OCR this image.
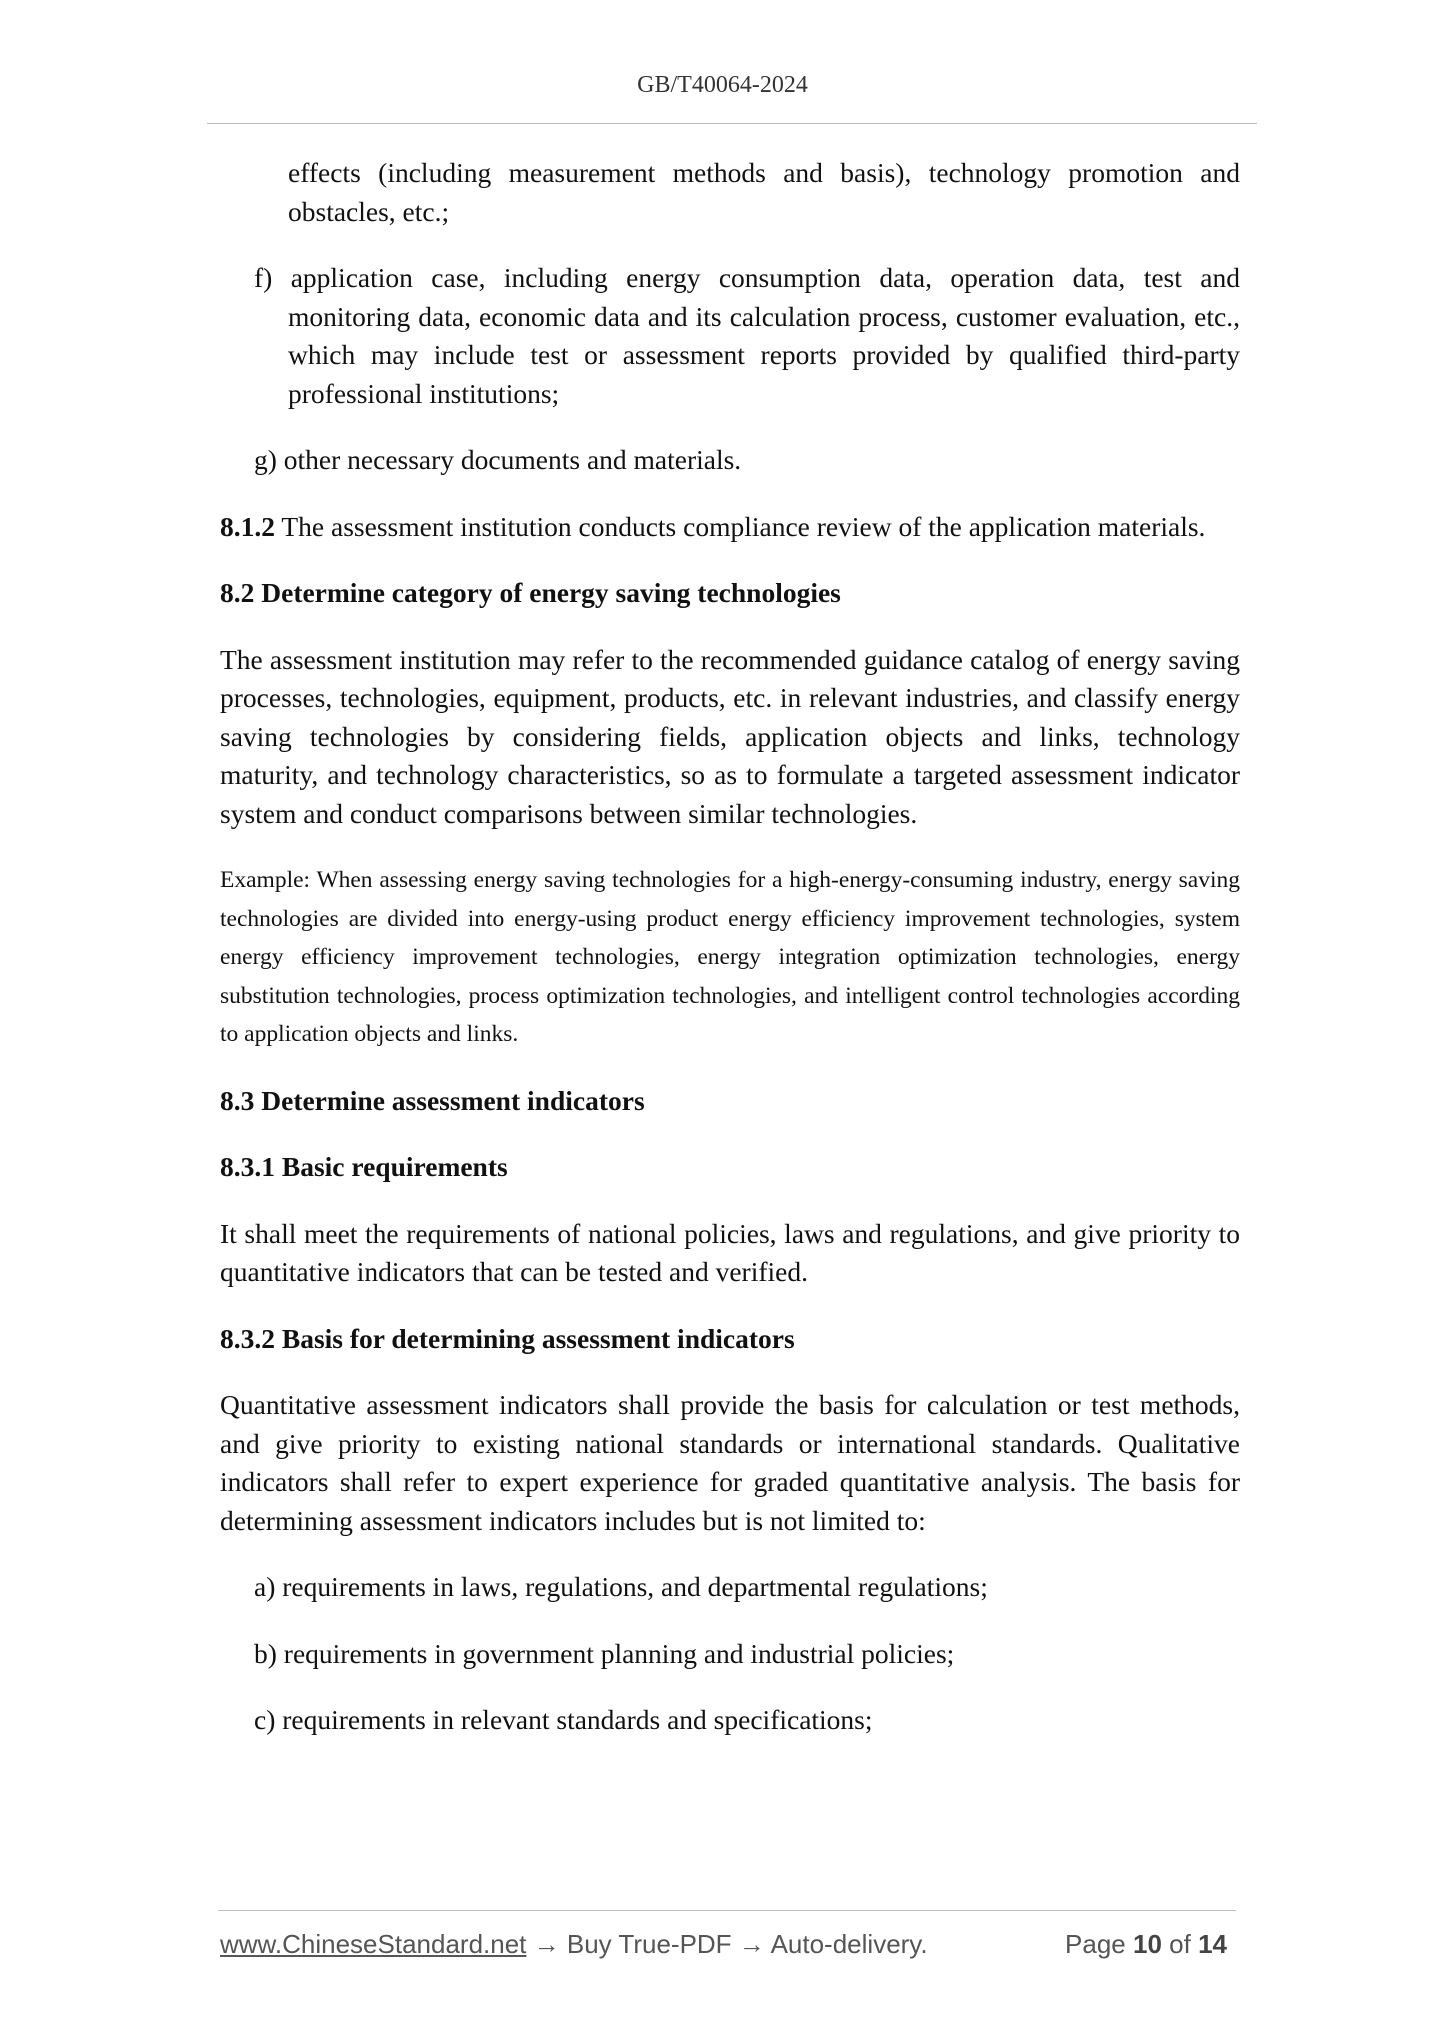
GB/T40064-2024

effects (including measurement methods and basis), technology promotion and obstacles, etc.;

f) application case, including energy consumption data, operation data, test and monitoring data, economic data and its calculation process, customer evaluation, etc., which may include test or assessment reports provided by qualified third-party professional institutions;

g) other necessary documents and materials.

8.1.2 The assessment institution conducts compliance review of the application materials.

8.2 Determine category of energy saving technologies

The assessment institution may refer to the recommended guidance catalog of energy saving processes, technologies, equipment, products, etc. in relevant industries, and classify energy saving technologies by considering fields, application objects and links, technology maturity, and technology characteristics, so as to formulate a targeted assessment indicator system and conduct comparisons between similar technologies.

Example: When assessing energy saving technologies for a high-energy-consuming industry, energy saving technologies are divided into energy-using product energy efficiency improvement technologies, system energy efficiency improvement technologies, energy integration optimization technologies, energy substitution technologies, process optimization technologies, and intelligent control technologies according to application objects and links.

8.3 Determine assessment indicators

8.3.1 Basic requirements

It shall meet the requirements of national policies, laws and regulations, and give priority to quantitative indicators that can be tested and verified.

8.3.2 Basis for determining assessment indicators

Quantitative assessment indicators shall provide the basis for calculation or test methods, and give priority to existing national standards or international standards. Qualitative indicators shall refer to expert experience for graded quantitative analysis. The basis for determining assessment indicators includes but is not limited to:

a) requirements in laws, regulations, and departmental regulations;

b) requirements in government planning and industrial policies;

c) requirements in relevant standards and specifications;

www.ChineseStandard.net → Buy True-PDF → Auto-delivery.	Page 10 of 14
